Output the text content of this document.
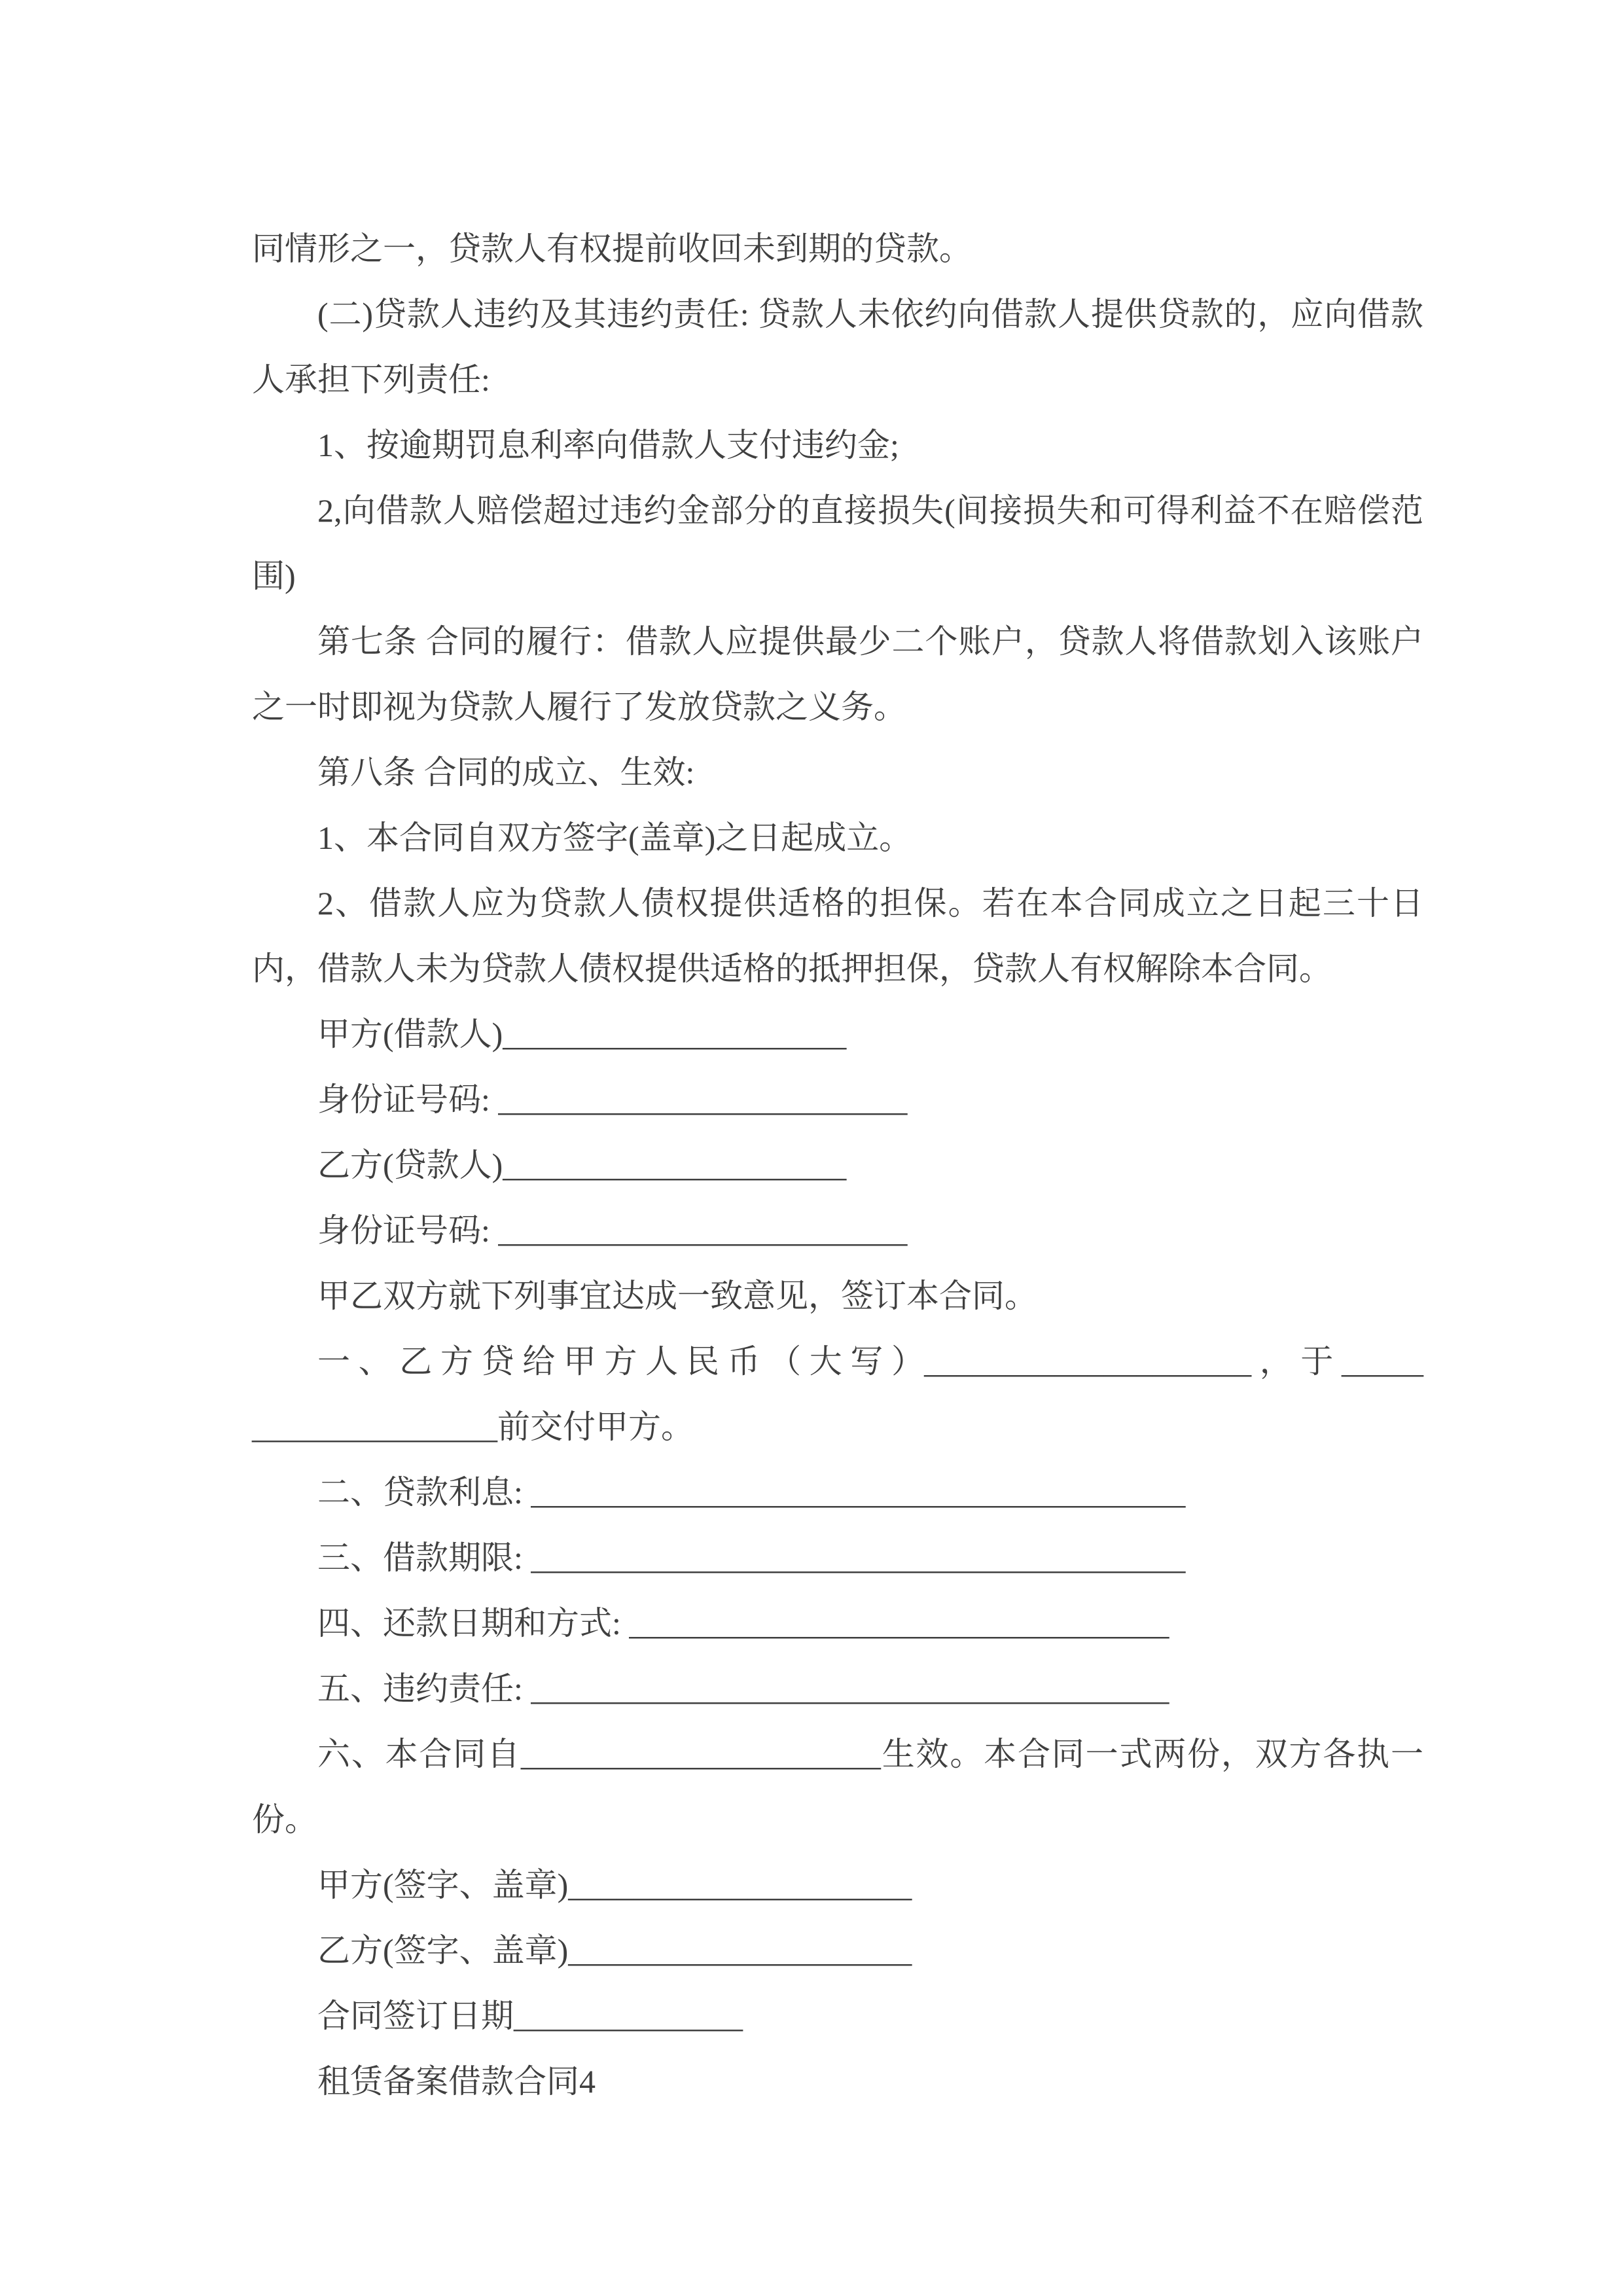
同情形之一，贷款人有权提前收回未到期的贷款。

(二)贷款人违约及其违约责任: 贷款人未依约向借款人提供贷款的，应向借款人承担下列责任:

1、按逾期罚息利率向借款人支付违约金;

2,向借款人赔偿超过违约金部分的直接损失(间接损失和可得利益不在赔偿范围)

第七条 合同的履行：借款人应提供最少二个账户，贷款人将借款划入该账户之一时即视为贷款人履行了发放贷款之义务。

第八条 合同的成立、生效:

1、本合同自双方签字(盖章)之日起成立。

2、借款人应为贷款人债权提供适格的担保。若在本合同成立之日起三十日内，借款人未为贷款人债权提供适格的抵押担保，贷款人有权解除本合同。

甲方(借款人)_____________________

身份证号码: _________________________

乙方(贷款人)_____________________

身份证号码: _________________________

甲乙双方就下列事宜达成一致意见，签订本合同。

一 、 乙 方 贷 给 甲 方 人 民 币 （ 大 写 ）____________________ ， 于 ____________________前交付甲方。

二、贷款利息: ________________________________________

三、借款期限: ________________________________________

四、还款日期和方式: _________________________________

五、违约责任: _______________________________________

六、本合同自______________________生效。本合同一式两份，双方各执一份。

甲方(签字、盖章)_____________________

乙方(签字、盖章)_____________________

合同签订日期______________

租赁备案借款合同4
